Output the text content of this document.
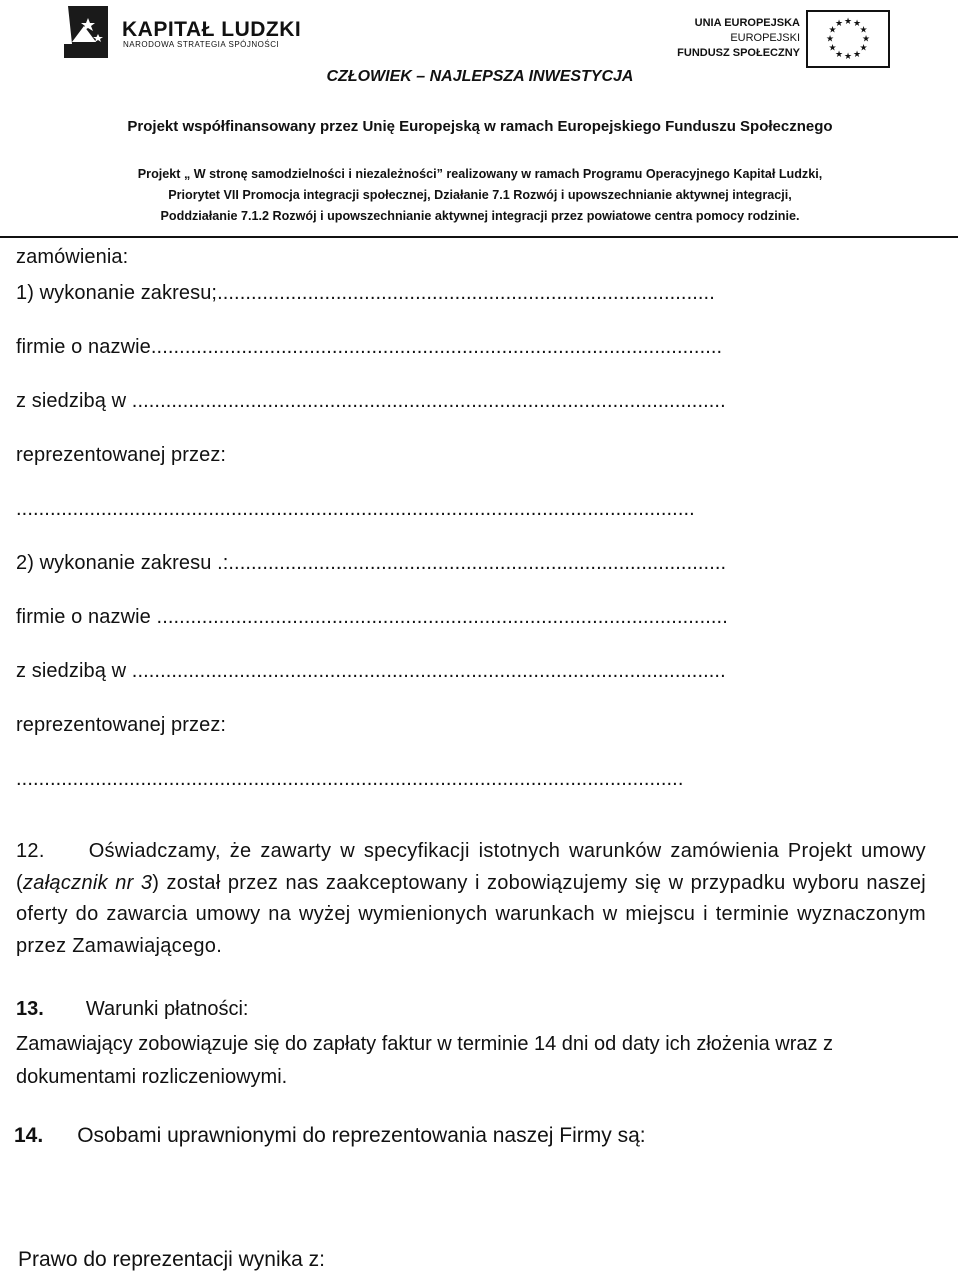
KAPITAŁ LUDZKI
NARODOWA STRATEGIA SPÓJNOŚCI
UNIA EUROPEJSKA
EUROPEJSKI
FUNDUSZ SPOŁECZNY
★ ★
★
★
★
★
★
★
★
★
★
★
CZŁOWIEK – NAJLEPSZA INWESTYCJA
Projekt współfinansowany przez Unię Europejską w ramach Europejskiego Funduszu Społecznego
Projekt „ W stronę samodzielności i niezależności” realizowany w ramach Programu Operacyjnego Kapitał Ludzki,
Priorytet VII Promocja integracji społecznej, Działanie 7.1 Rozwój i upowszechnianie aktywnej integracji,
Poddziałanie 7.1.2 Rozwój i upowszechnianie aktywnej integracji przez powiatowe centra pomocy rodzinie.
zamówienia:
1) wykonanie zakresu;........................................................................................
firmie o nazwie.....................................................................................................
z siedzibą w .........................................................................................................
reprezentowanej przez:
........................................................................................................................
2) wykonanie zakresu .:........................................................................................
firmie o nazwie .....................................................................................................
z siedzibą w .........................................................................................................
reprezentowanej przez:
......................................................................................................................
12. Oświadczamy, że zawarty w specyfikacji istotnych warunków zamówienia Projekt umowy (załącznik nr 3) został przez nas zaakceptowany i zobowiązujemy się w przypadku wyboru naszej oferty do zawarcia umowy na wyżej wymienionych warunkach w miejscu i terminie wyznaczonym przez Zamawiającego.
13. Warunki płatności:
Zamawiający zobowiązuje się do zapłaty faktur w terminie 14 dni od daty ich złożenia wraz z dokumentami rozliczeniowymi.
14. Osobami uprawnionymi do reprezentowania naszej Firmy są:
Prawo do reprezentacji wynika z:
